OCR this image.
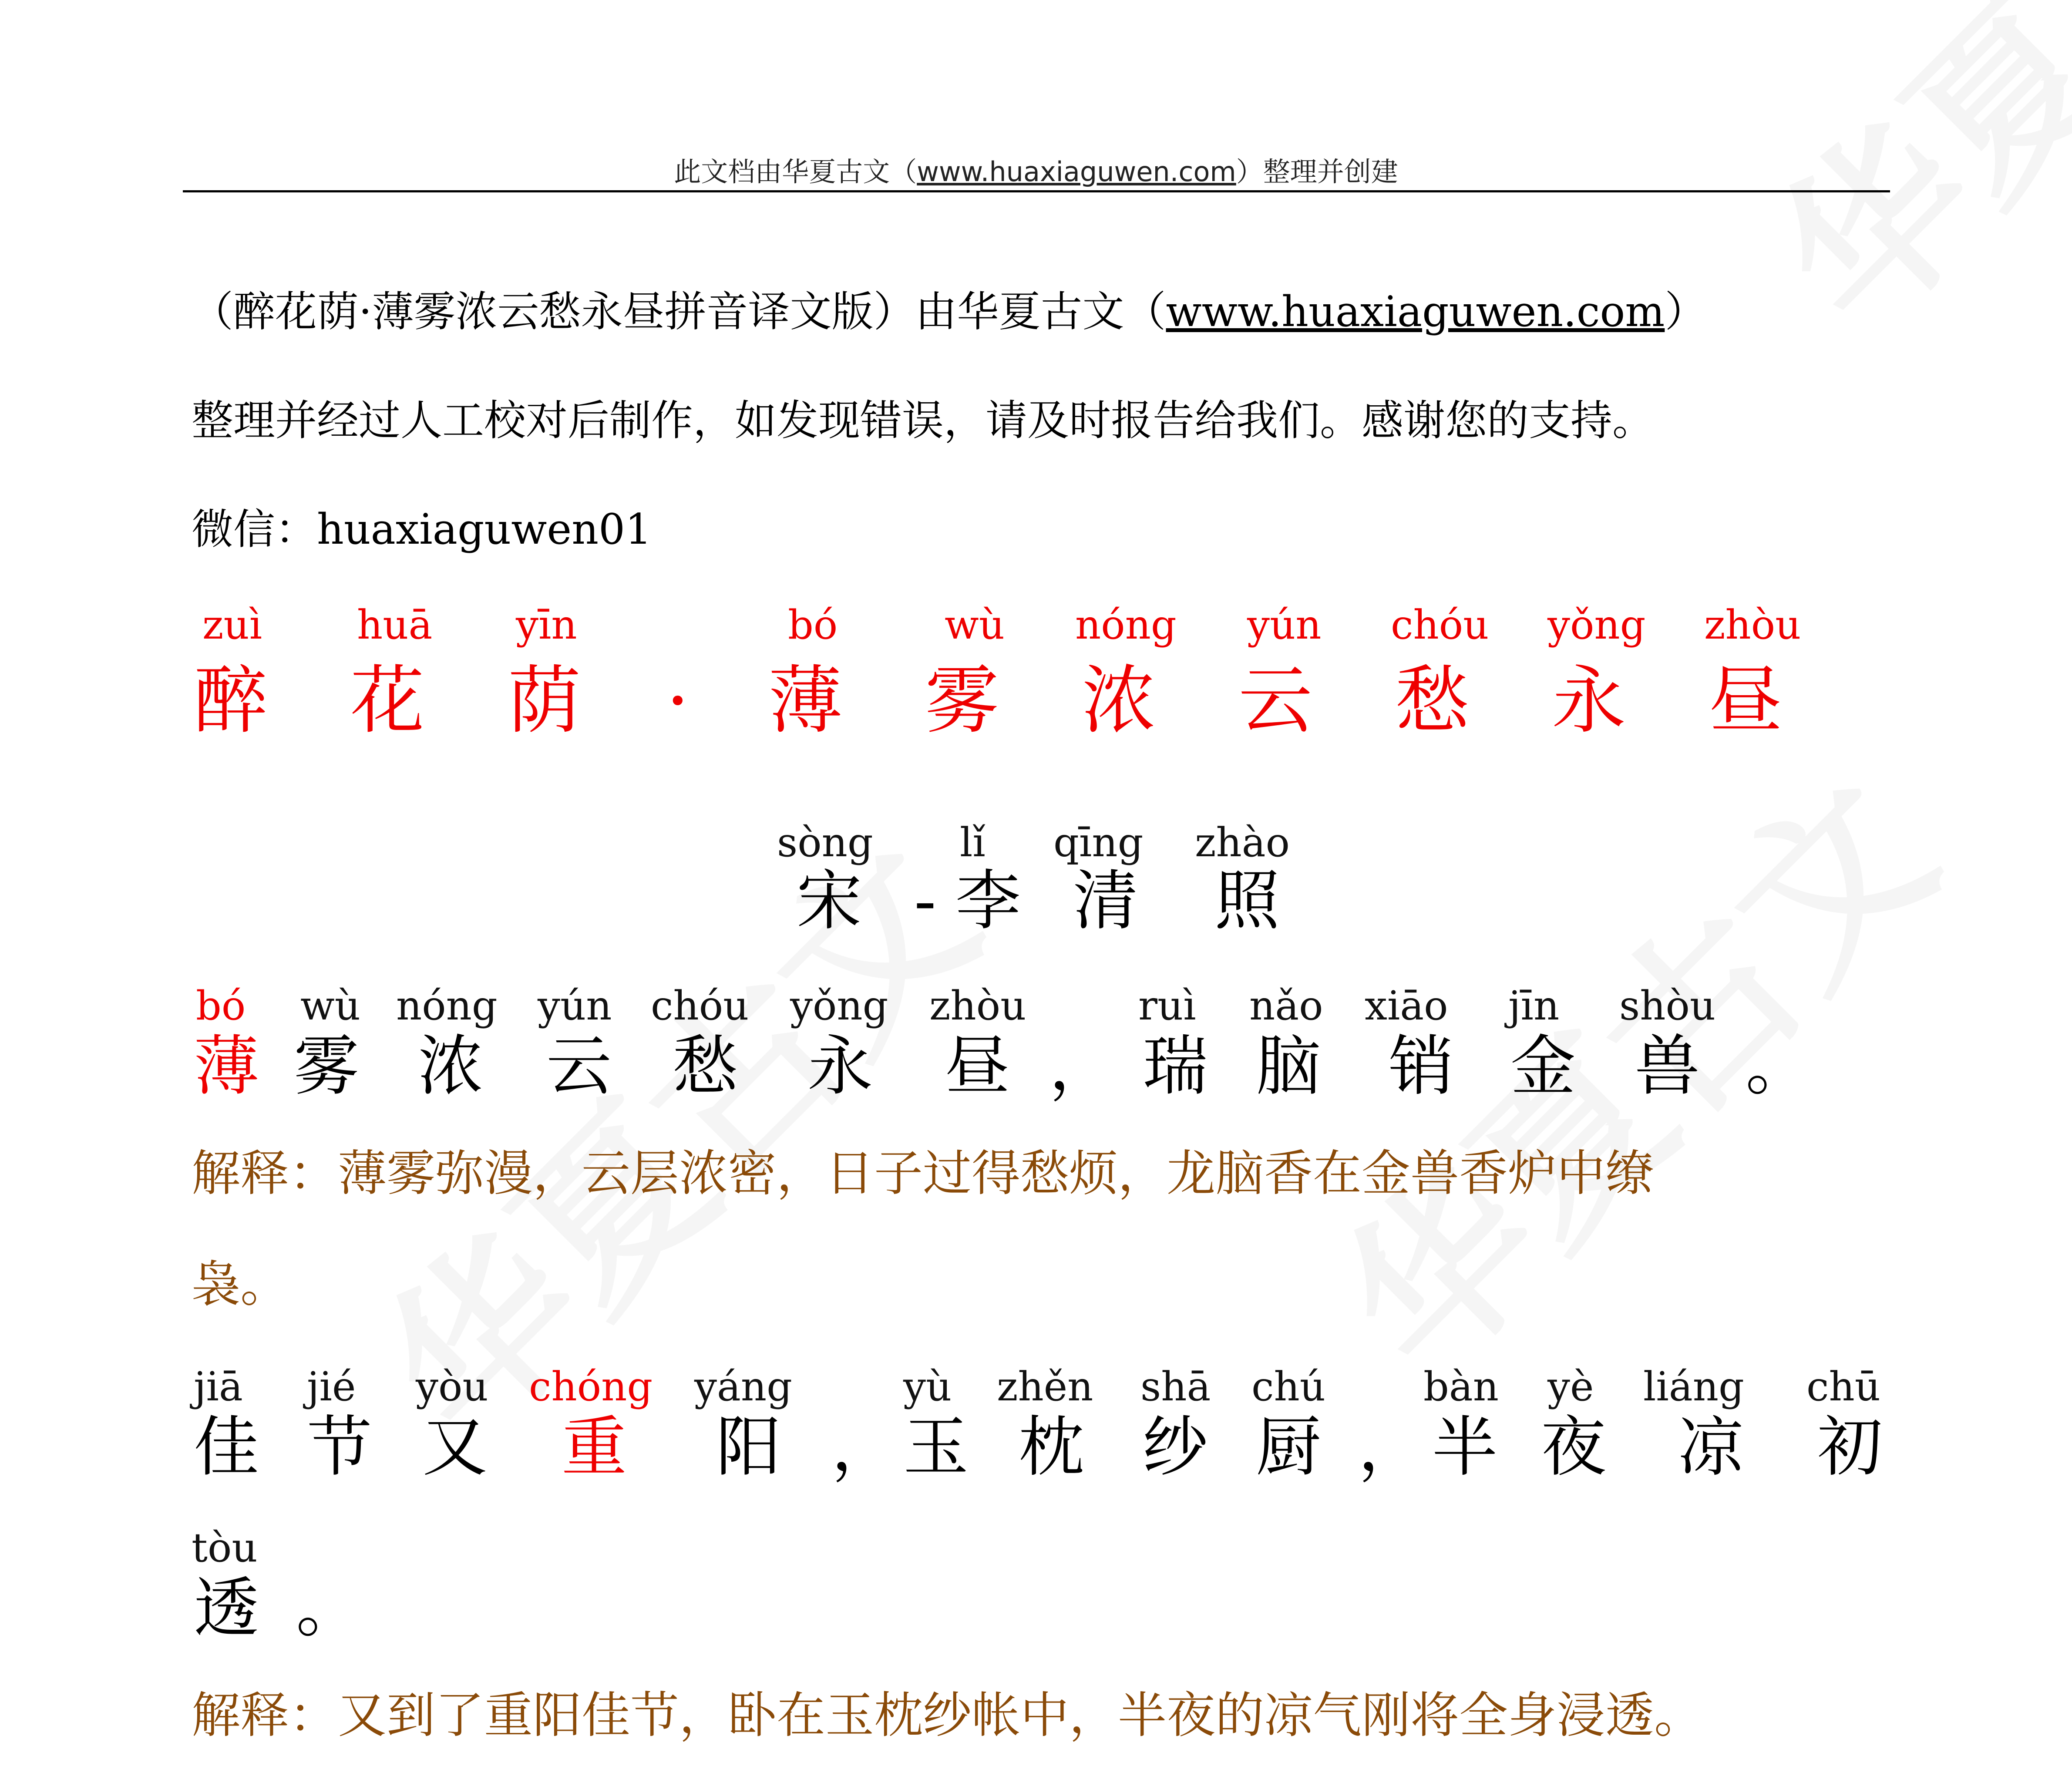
此文档由华夏古文（www.huaxiaguwen.com）整理并创建
（醉花荫·薄雾浓云愁永昼拼音译文版）由华夏古文（www.huaxiaguwen.com）
整理并经过人工校对后制作，如发现错误，请及时报告给我们。感谢您的支持。
微信：huaxiaguwen01
zuì huā yīn	bó	wù nóng yún chóu yǒng zhòu
醉 花 荫 · 薄 雾 浓 云 愁 永 昼
sòng lǐ qīng zhào
宋 - 李 清 照
bó wù nóng yún chóu yǒng zhòu	ruì nǎo xiāo jīn shòu
薄 雾 浓 云 愁 永 昼 ， 瑞 脑 销 金 兽 。
解释：薄雾弥漫，云层浓密，日子过得愁烦，龙脑香在金兽香炉中缭
袅。
jiā jié yòu chóng yáng	yù zhěn shā chú bàn yè liáng chū
佳 节 又 重 阳 ， 玉 枕 纱 厨 ， 半 夜 凉 初
tòu
透 。
解释：又到了重阳佳节，卧在玉枕纱帐中，半夜的凉气刚将全身浸透。
